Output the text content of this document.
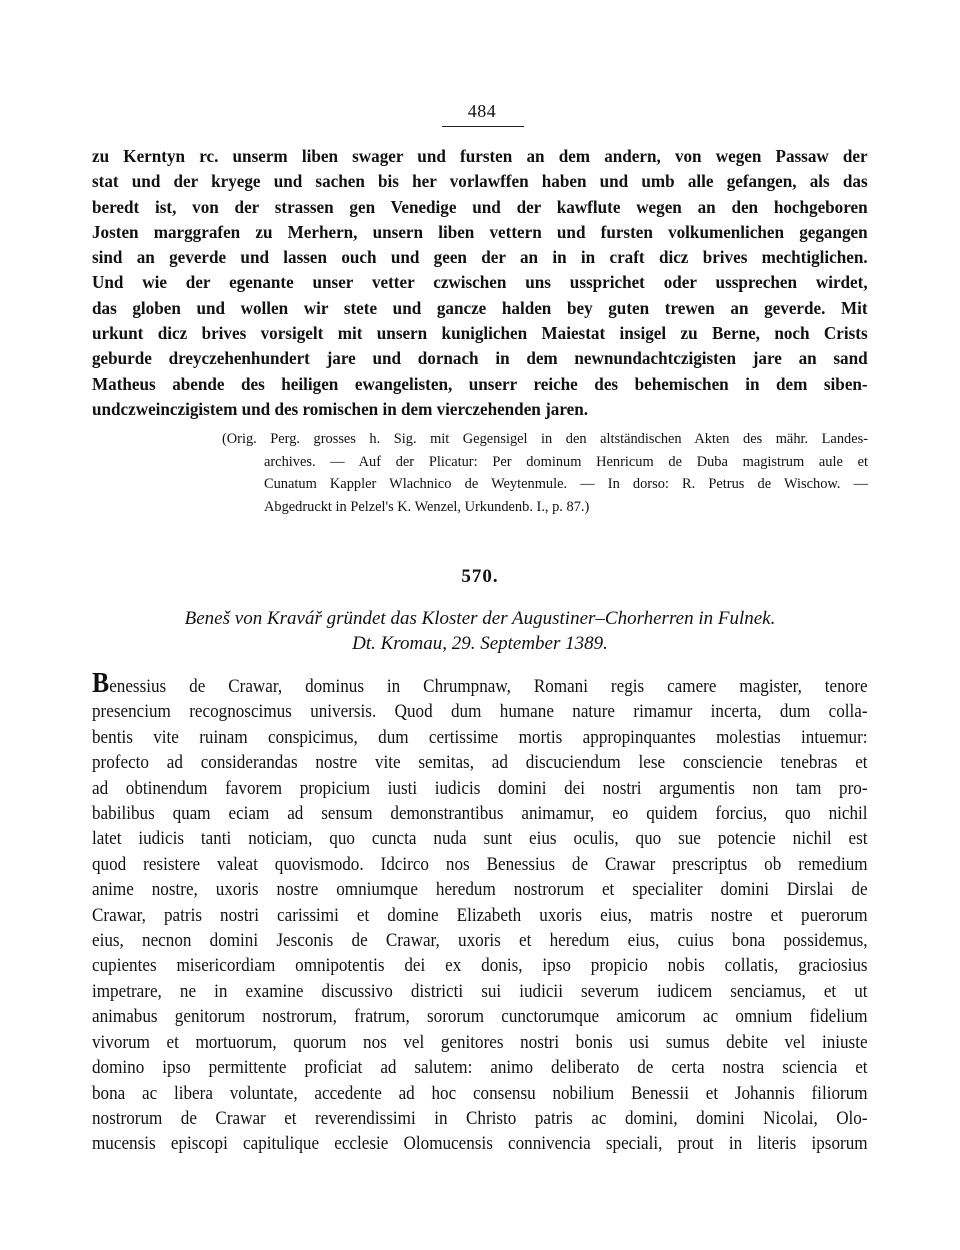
484
zu Kerntyn rc. unserm liben swager und fursten an dem andern, von wegen Passaw der
stat und der kryege und sachen bis her vorlawffen haben und umb alle gefangen, als das
beredt ist, von der strassen gen Venedige und der kawflute wegen an den hochgeboren
Josten marggrafen zu Merhern, unsern liben vettern und fursten volkumenlichen gegangen
sind an geverde und lassen ouch und geen der an in in craft dicz brives mechtiglichen.
Und wie der egenante unser vetter czwischen uns ussprichet oder ussprechen wirdet,
das globen und wollen wir stete und gancze halden bey guten trewen an geverde. Mit
urkunt dicz brives vorsigelt mit unsern kuniglichen Maiestat insigel zu Berne, noch Crists
geburde dreyczehenhundert jare und dornach in dem newnundachtczigisten jare an sand
Matheus abende des heiligen ewangelisten, unserr reiche des behemischen in dem siben-
undczweinczigistem und des romischen in dem vierczehenden jaren.
(Orig. Perg. grosses h. Sig. mit Gegensigel in den altständischen Akten des mähr. Landes-
archives. — Auf der Plicatur: Per dominum Henricum de Duba magistrum aule et
Cunatum Kappler Wlachnico de Weytenmule. — In dorso: R. Petrus de Wischow. —
Abgedruckt in Pelzel's K. Wenzel, Urkundenb. I., p. 87.)
570.
Beneš von Kravář gründet das Kloster der Augustiner–Chorherren in Fulnek.
Dt. Kromau, 29. September 1389.
Benessius de Crawar, dominus in Chrumpnaw, Romani regis camere magister, tenore
presencium recognoscimus universis. Quod dum humane nature rimamur incerta, dum colla-
bentis vite ruinam conspicimus, dum certissime mortis appropinquantes molestias intuemur:
profecto ad considerandas nostre vite semitas, ad discuciendum lese consciencie tenebras et
ad obtinendum favorem propicium iusti iudicis domini dei nostri argumentis non tam pro-
babilibus quam eciam ad sensum demonstrantibus animamur, eo quidem forcius, quo nichil
latet iudicis tanti noticiam, quo cuncta nuda sunt eius oculis, quo sue potencie nichil est
quod resistere valeat quovismodo. Idcirco nos Benessius de Crawar prescriptus ob remedium
anime nostre, uxoris nostre omniumque heredum nostrorum et specialiter domini Dirslai de
Crawar, patris nostri carissimi et domine Elizabeth uxoris eius, matris nostre et puerorum
eius, necnon domini Jesconis de Crawar, uxoris et heredum eius, cuius bona possidemus,
cupientes misericordiam omnipotentis dei ex donis, ipso propicio nobis collatis, graciosius
impetrare, ne in examine discussivo districti sui iudicii severum iudicem senciamus, et ut
animabus genitorum nostrorum, fratrum, sororum cunctorumque amicorum ac omnium fidelium
vivorum et mortuorum, quorum nos vel genitores nostri bonis usi sumus debite vel iniuste
domino ipso permittente proficiat ad salutem: animo deliberato de certa nostra sciencia et
bona ac libera voluntate, accedente ad hoc consensu nobilium Benessii et Johannis filiorum
nostrorum de Crawar et reverendissimi in Christo patris ac domini, domini Nicolai, Olo-
mucensis episcopi capitulique ecclesie Olomucensis connivencia speciali, prout in literis ipsorum
